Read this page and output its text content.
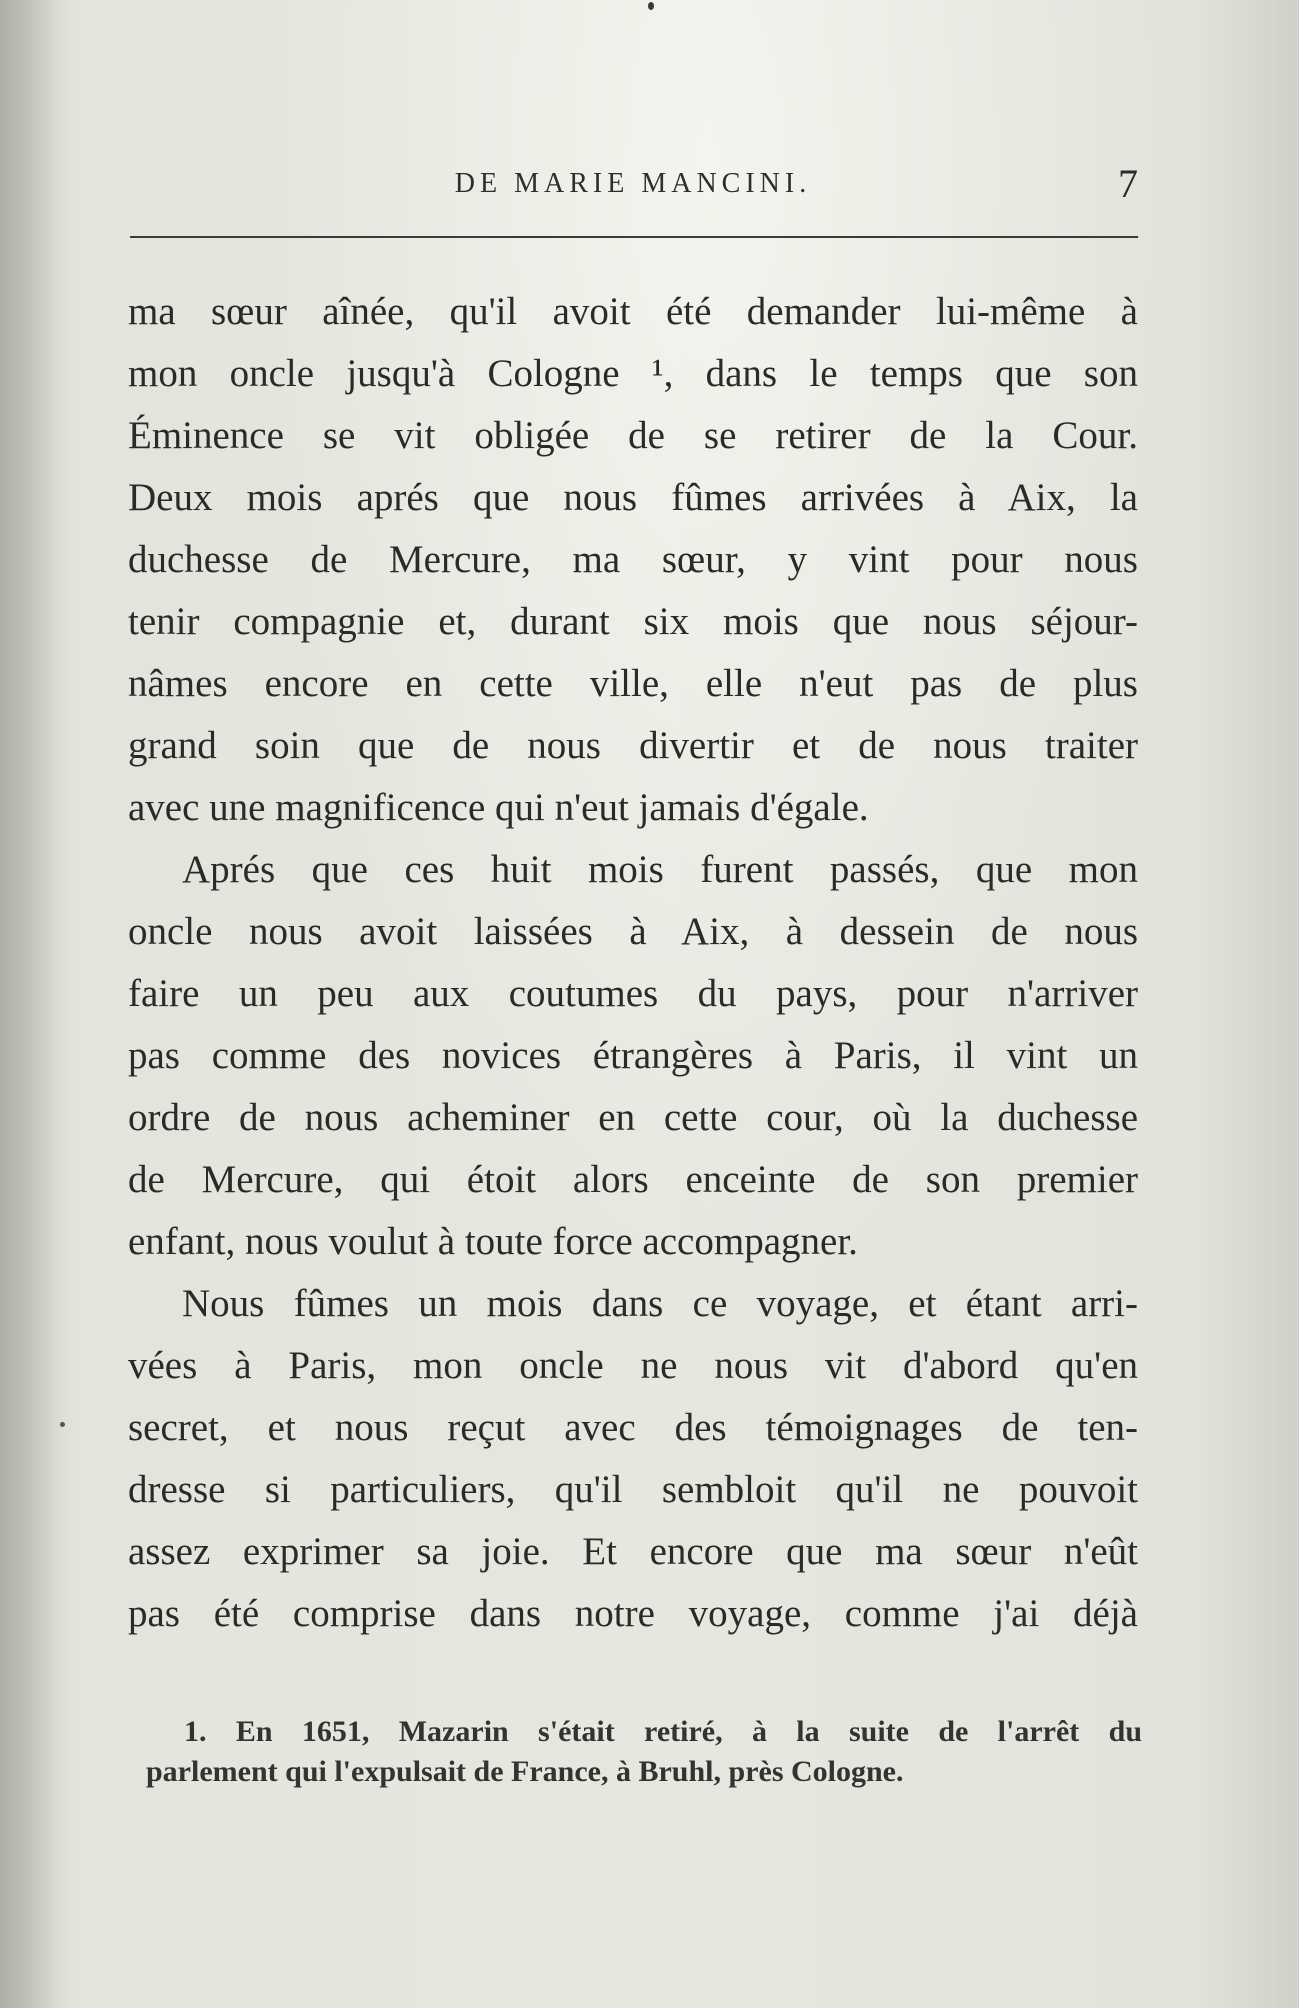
DE MARIE MANCINI.	7
ma sœur aînée, qu'il avoit été demander lui-même à
mon oncle jusqu'à Cologne ¹, dans le temps que son
Éminence se vit obligée de se retirer de la Cour.
Deux mois aprés que nous fûmes arrivées à Aix, la
duchesse de Mercure, ma sœur, y vint pour nous
tenir compagnie et, durant six mois que nous séjour-
nâmes encore en cette ville, elle n'eut pas de plus
grand soin que de nous divertir et de nous traiter
avec une magnificence qui n'eut jamais d'égale.
Aprés que ces huit mois furent passés, que mon
oncle nous avoit laissées à Aix, à dessein de nous
faire un peu aux coutumes du pays, pour n'arriver
pas comme des novices étrangères à Paris, il vint un
ordre de nous acheminer en cette cour, où la duchesse
de Mercure, qui étoit alors enceinte de son premier
enfant, nous voulut à toute force accompagner.
Nous fûmes un mois dans ce voyage, et étant arri-
vées à Paris, mon oncle ne nous vit d'abord qu'en
secret, et nous reçut avec des témoignages de ten-
dresse si particuliers, qu'il sembloit qu'il ne pouvoit
assez exprimer sa joie. Et encore que ma sœur n'eût
pas été comprise dans notre voyage, comme j'ai déjà
1. En 1651, Mazarin s'était retiré, à la suite de l'arrêt du
parlement qui l'expulsait de France, à Bruhl, près Cologne.
